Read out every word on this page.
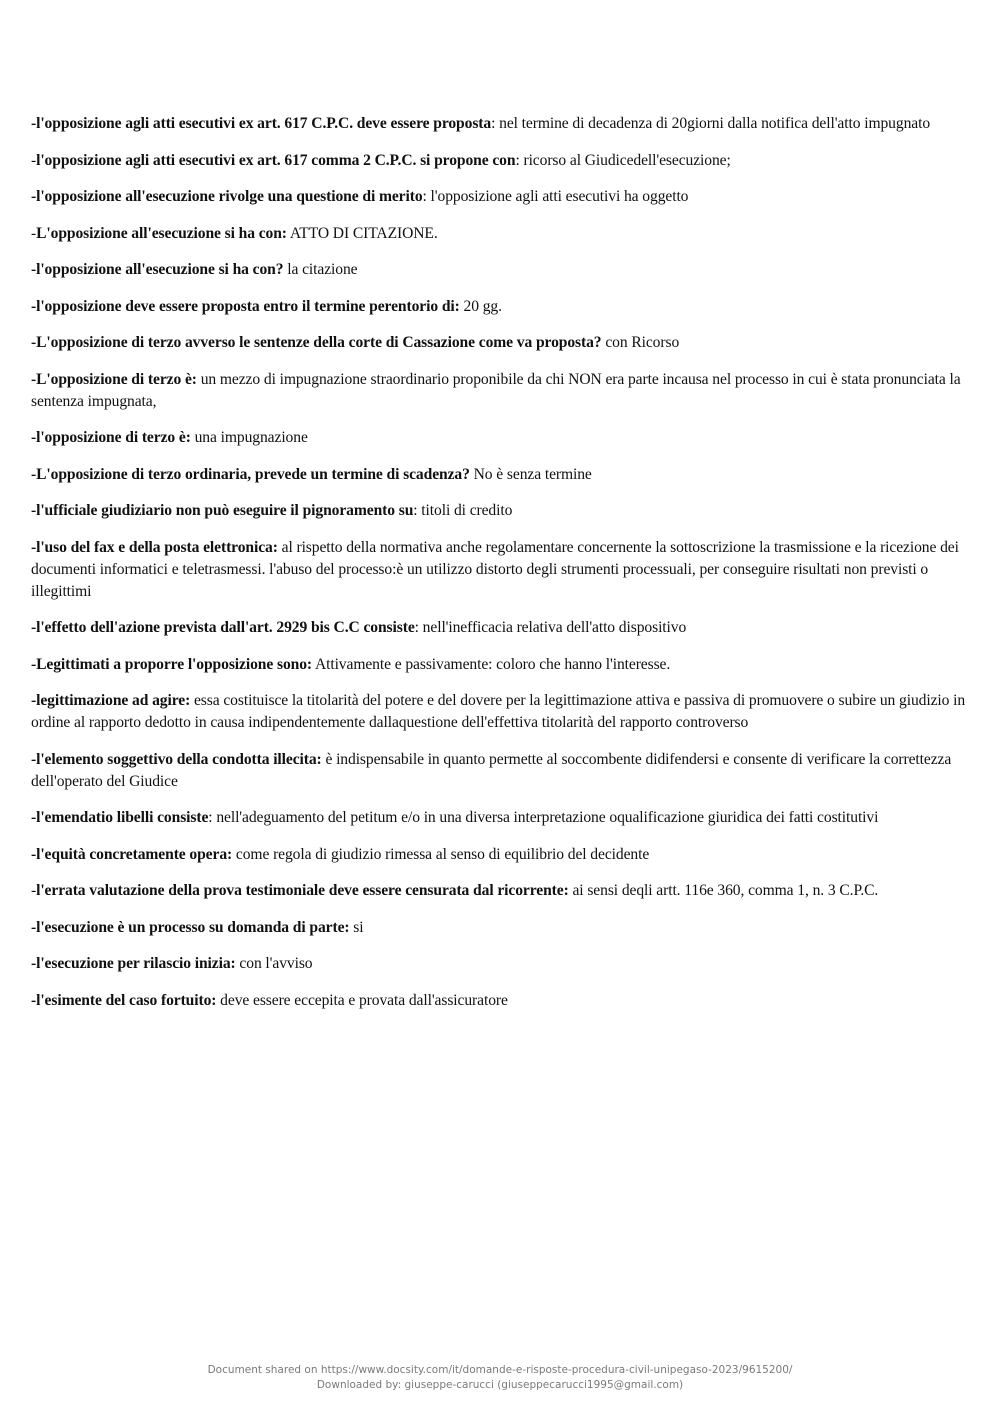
-l'opposizione agli atti esecutivi ex art. 617 C.P.C. deve essere proposta: nel termine di decadenza di 20giorni dalla notifica dell'atto impugnato

-l'opposizione agli atti esecutivi ex art. 617 comma 2 C.P.C. si propone con: ricorso al Giudicedell'esecuzione;

-l'opposizione all'esecuzione rivolge una questione di merito: l'opposizione agli atti esecutivi ha oggetto

-L'opposizione all'esecuzione si ha con: ATTO DI CITAZIONE.

-l'opposizione all'esecuzione si ha con? la citazione

-l'opposizione deve essere proposta entro il termine perentorio di: 20 gg.

-L'opposizione di terzo avverso le sentenze della corte di Cassazione come va proposta? con Ricorso

-L'opposizione di terzo è: un mezzo di impugnazione straordinario proponibile da chi NON era parte incausa nel processo in cui è stata pronunciata la sentenza impugnata,

-l'opposizione di terzo è: una impugnazione

-L'opposizione di terzo ordinaria, prevede un termine di scadenza? No è senza termine

-l'ufficiale giudiziario non può eseguire il pignoramento su: titoli di credito

-l'uso del fax e della posta elettronica: al rispetto della normativa anche regolamentare concernente la sottoscrizione la trasmissione e la ricezione dei documenti informatici e teletrasmessi. l'abuso del processo:è un utilizzo distorto degli strumenti processuali, per conseguire risultati non previsti o illegittimi

-l'effetto dell'azione prevista dall'art. 2929 bis C.C consiste: nell'inefficacia relativa dell'atto dispositivo

-Legittimati a proporre l'opposizione sono: Attivamente e passivamente: coloro che hanno l'interesse.

-legittimazione ad agire: essa costituisce la titolarità del potere e del dovere per la legittimazione attiva e passiva di promuovere o subire un giudizio in ordine al rapporto dedotto in causa indipendentemente dallaquestione dell'effettiva titolarità del rapporto controverso

-l'elemento soggettivo della condotta illecita: è indispensabile in quanto permette al soccombente didifendersi e consente di verificare la correttezza dell'operato del Giudice

-l'emendatio libelli consiste: nell'adeguamento del petitum e/o in una diversa interpretazione oqualificazione giuridica dei fatti costitutivi

-l'equità concretamente opera: come regola di giudizio rimessa al senso di equilibrio del decidente

-l'errata valutazione della prova testimoniale deve essere censurata dal ricorrente: ai sensi deqli artt. 116e 360, comma 1, n. 3 C.P.C.

-l'esecuzione è un processo su domanda di parte: si

-l'esecuzione per rilascio inizia: con l'avviso

-l'esimente del caso fortuito: deve essere eccepita e provata dall'assicuratore

Document shared on https://www.docsity.com/it/domande-e-risposte-procedura-civil-unipegaso-2023/9615200/
Downloaded by: giuseppe-carucci (giuseppecarucci1995@gmail.com)
